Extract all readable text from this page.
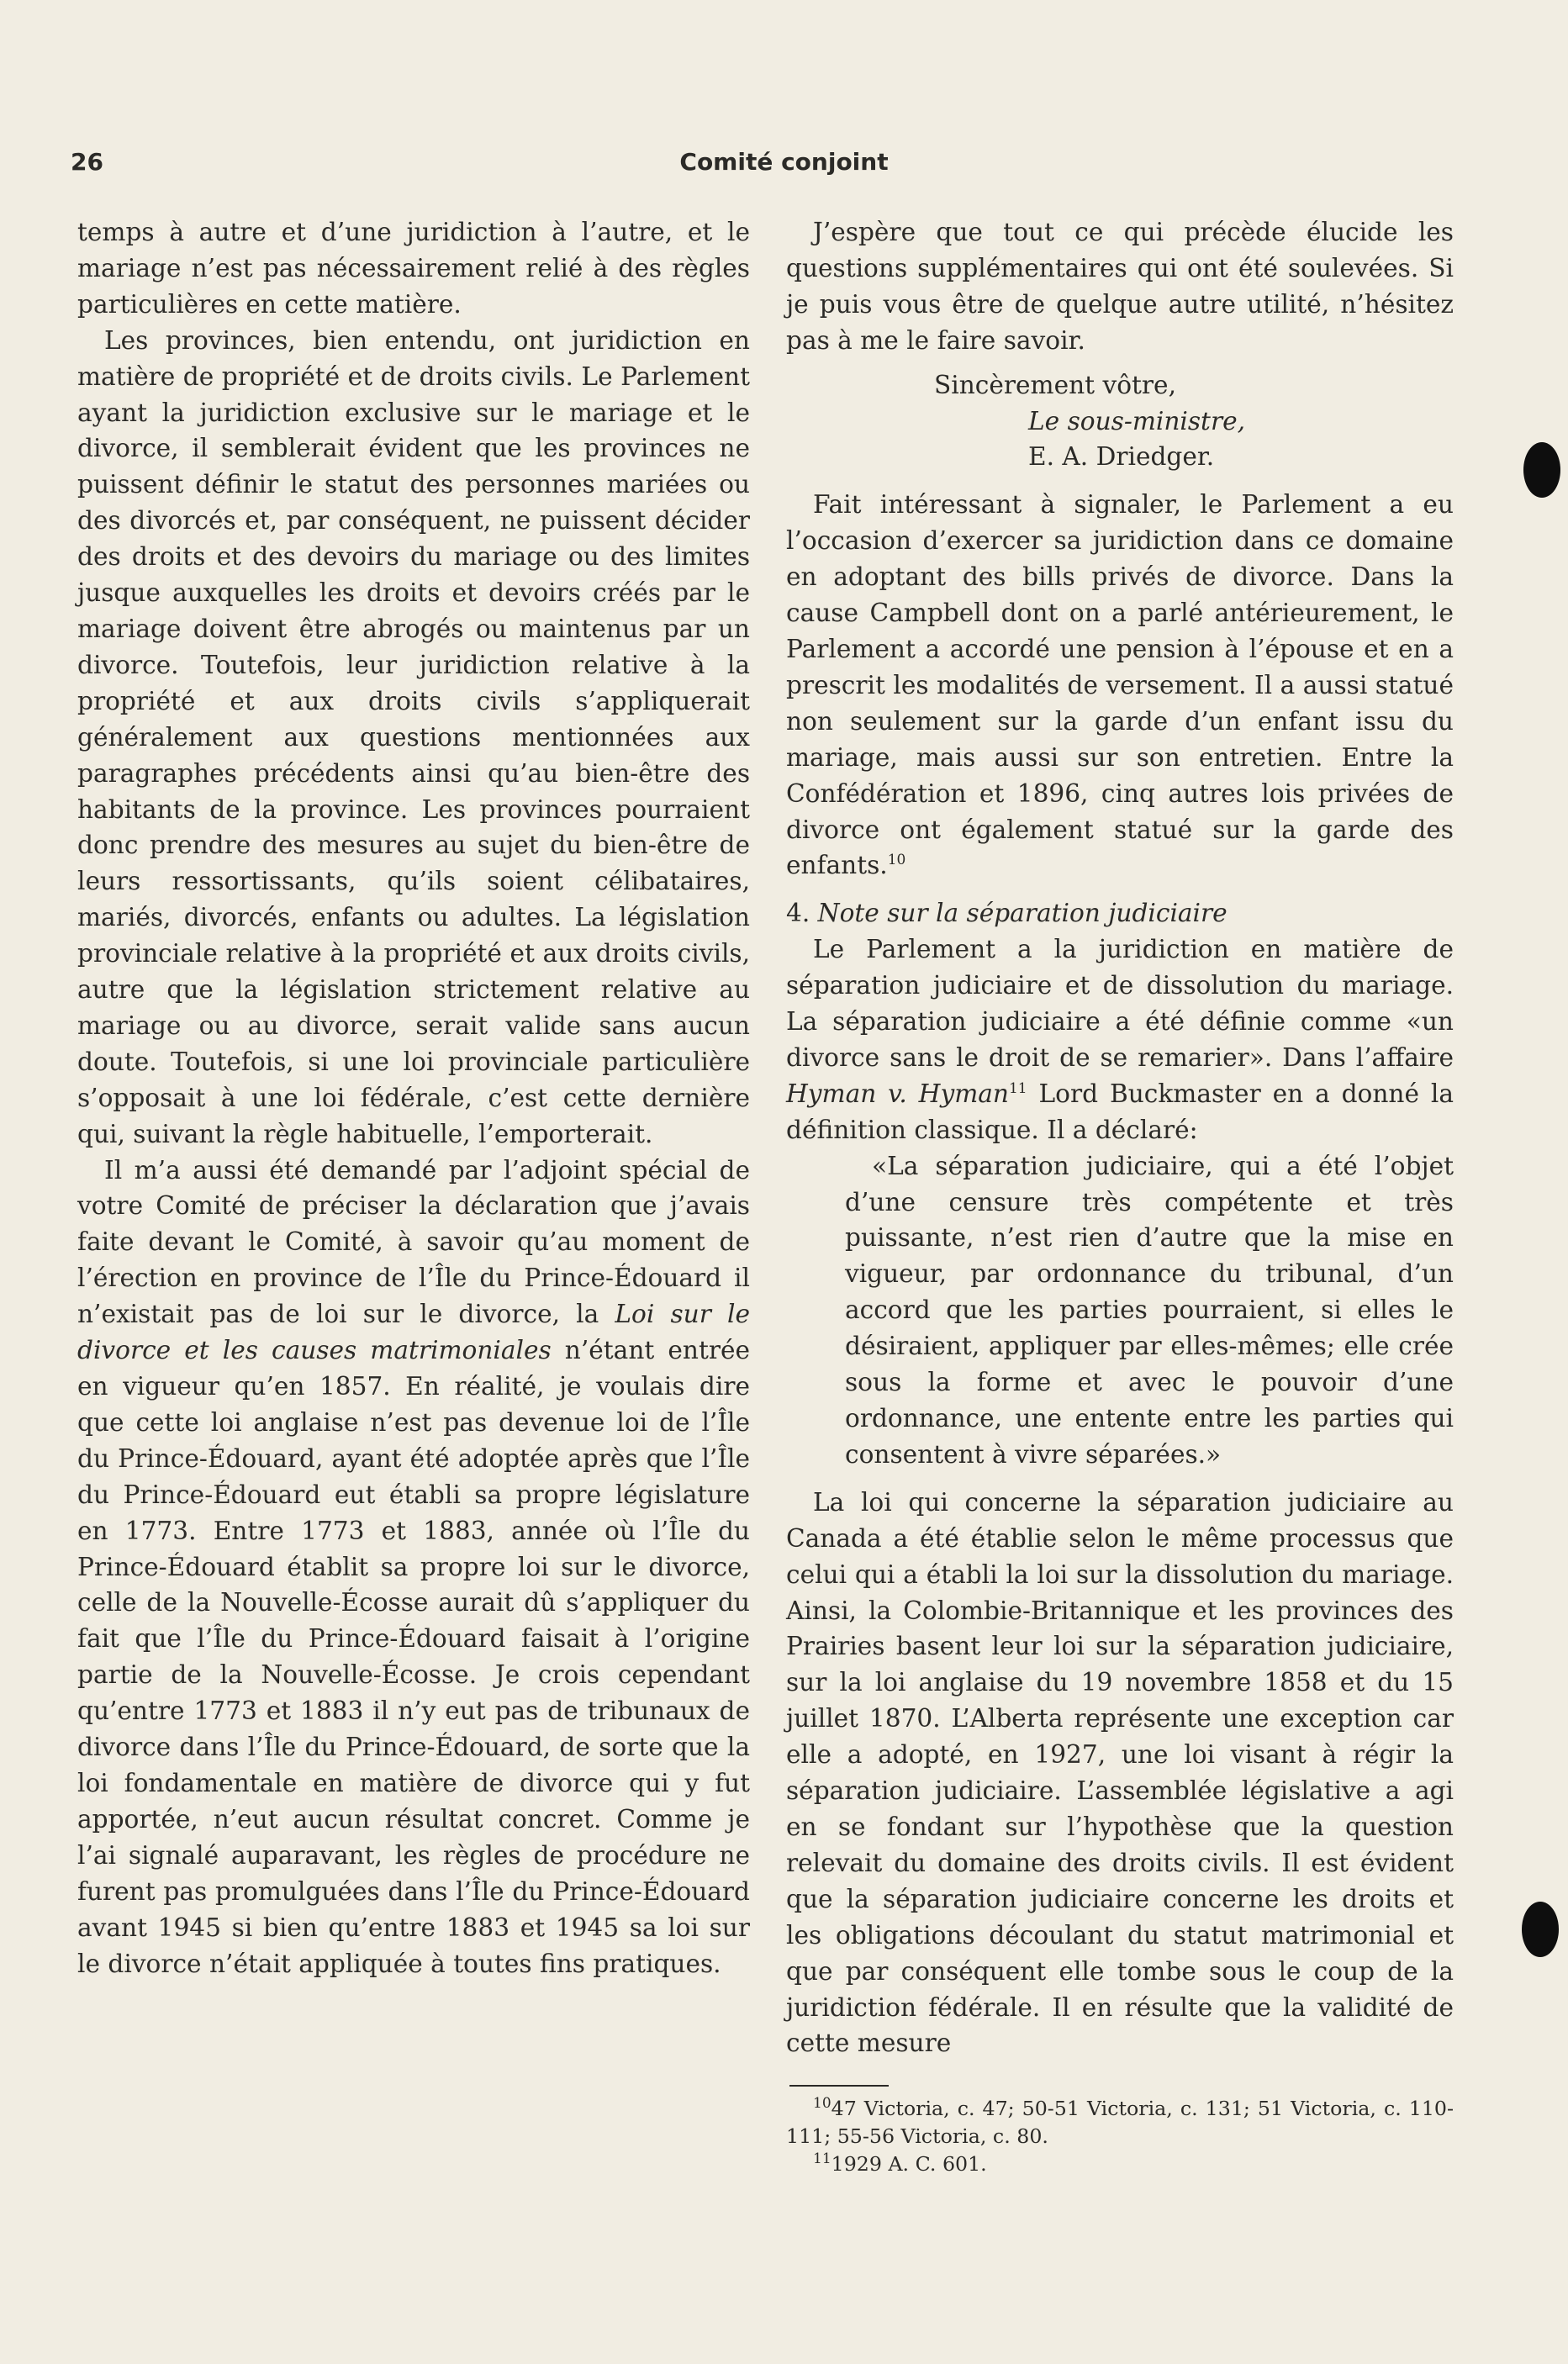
26	Comité conjoint

temps à autre et d’une juridiction à l’autre, et le mariage n’est pas nécessairement relié à des règles particulières en cette matière.

Les provinces, bien entendu, ont juridiction en matière de propriété et de droits civils. Le Parlement ayant la juridiction exclusive sur le mariage et le divorce, il semblerait évident que les provinces ne puissent définir le statut des personnes mariées ou des divorcés et, par conséquent, ne puissent décider des droits et des devoirs du mariage ou des limites jusque auxquelles les droits et devoirs créés par le mariage doivent être abrogés ou maintenus par un divorce. Toutefois, leur juridiction relative à la propriété et aux droits civils s’appliquerait généralement aux questions mentionnées aux paragraphes précédents ainsi qu’au bien-être des habitants de la province. Les provinces pourraient donc prendre des mesures au sujet du bien-être de leurs ressortissants, qu’ils soient célibataires, mariés, divorcés, enfants ou adultes. La législation provinciale relative à la propriété et aux droits civils, autre que la législation strictement relative au mariage ou au divorce, serait valide sans aucun doute. Toutefois, si une loi provinciale particulière s’opposait à une loi fédérale, c’est cette dernière qui, suivant la règle habituelle, l’emporterait.

Il m’a aussi été demandé par l’adjoint spécial de votre Comité de préciser la déclaration que j’avais faite devant le Comité, à savoir qu’au moment de l’érection en province de l’Île du Prince-Édouard il n’existait pas de loi sur le divorce, la Loi sur le divorce et les causes matrimoniales n’étant entrée en vigueur qu’en 1857. En réalité, je voulais dire que cette loi anglaise n’est pas devenue loi de l’Île du Prince-Édouard, ayant été adoptée après que l’Île du Prince-Édouard eut établi sa propre législature en 1773. Entre 1773 et 1883, année où l’Île du Prince-Édouard établit sa propre loi sur le divorce, celle de la Nouvelle-Écosse aurait dû s’appliquer du fait que l’Île du Prince-Édouard faisait à l’origine partie de la Nouvelle-Écosse. Je crois cependant qu’entre 1773 et 1883 il n’y eut pas de tribunaux de divorce dans l’Île du Prince-Édouard, de sorte que la loi fondamentale en matière de divorce qui y fut apportée, n’eut aucun résultat concret. Comme je l’ai signalé auparavant, les règles de procédure ne furent pas promulguées dans l’Île du Prince-Édouard avant 1945 si bien qu’entre 1883 et 1945 sa loi sur le divorce n’était appliquée à toutes fins pratiques.

J’espère que tout ce qui précède élucide les questions supplémentaires qui ont été soulevées. Si je puis vous être de quelque autre utilité, n’hésitez pas à me le faire savoir.

Sincèrement vôtre,
Le sous-ministre,
E. A. Driedger.

Fait intéressant à signaler, le Parlement a eu l’occasion d’exercer sa juridiction dans ce domaine en adoptant des bills privés de divorce. Dans la cause Campbell dont on a parlé antérieurement, le Parlement a accordé une pension à l’épouse et en a prescrit les modalités de versement. Il a aussi statué non seulement sur la garde d’un enfant issu du mariage, mais aussi sur son entretien. Entre la Confédération et 1896, cinq autres lois privées de divorce ont également statué sur la garde des enfants.$^{10}$

4. Note sur la séparation judiciaire

Le Parlement a la juridiction en matière de séparation judiciaire et de dissolution du mariage. La séparation judiciaire a été définie comme «un divorce sans le droit de se remarier». Dans l’affaire Hyman v. Hyman$^{11}$ Lord Buckmaster en a donné la définition classique. Il a déclaré:

«La séparation judiciaire, qui a été l’objet d’une censure très compétente et très puissante, n’est rien d’autre que la mise en vigueur, par ordonnance du tribunal, d’un accord que les parties pourraient, si elles le désiraient, appliquer par elles-mêmes; elle crée sous la forme et avec le pouvoir d’une ordonnance, une entente entre les parties qui consentent à vivre séparées.»

La loi qui concerne la séparation judiciaire au Canada a été établie selon le même processus que celui qui a établi la loi sur la dissolution du mariage. Ainsi, la Colombie-Britannique et les provinces des Prairies basent leur loi sur la séparation judiciaire, sur la loi anglaise du 19 novembre 1858 et du 15 juillet 1870. L’Alberta représente une exception car elle a adopté, en 1927, une loi visant à régir la séparation judiciaire. L’assemblée législative a agi en se fondant sur l’hypothèse que la question relevait du domaine des droits civils. Il est évident que la séparation judiciaire concerne les droits et les obligations découlant du statut matrimonial et que par conséquent elle tombe sous le coup de la juridiction fédérale. Il en résulte que la validité de cette mesure

$^{10}$47 Victoria, c. 47; 50-51 Victoria, c. 131; 51 Victoria, c. 110-111; 55-56 Victoria, c. 80.

$^{11}$1929 A. C. 601.
